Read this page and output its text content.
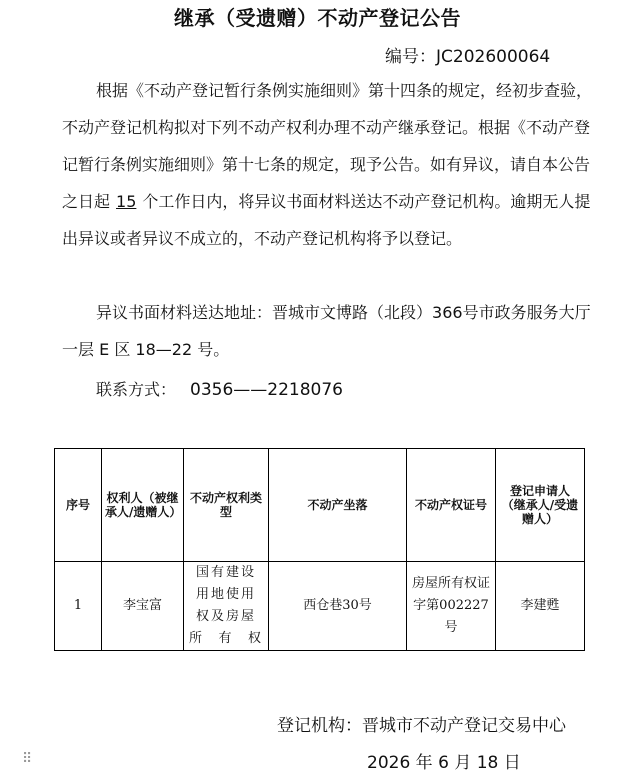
继承（受遗赠）不动产登记公告
编号：JC202600064

根据《不动产登记暂行条例实施细则》第十四条的规定，经初步查验，不动产登记机构拟对下列不动产权利办理不动产继承登记。根据《不动产登记暂行条例实施细则》第十七条的规定，现予公告。如有异议，请自本公告之日起 15 个工作日内，将异议书面材料送达不动产登记机构。逾期无人提出异议或者异议不成立的，不动产登记机构将予以登记。

异议书面材料送达地址：晋城市文博路（北段）366号市政务服务大厅一层 E 区 18—22 号。

联系方式： 0356——2218076
序号	权利人（被继承人/遗赠人）	不动产权利类型	不动产坐落	不动产权证号	登记申请人（继承人/受遗赠人）
1	李宝富	国有建设用地使用权及房屋所有权	西仓巷30号	房屋所有权证字第002227号	李建甦
登记机构：晋城市不动产登记交易中心
2026 年 6 月 18 日
⠿
